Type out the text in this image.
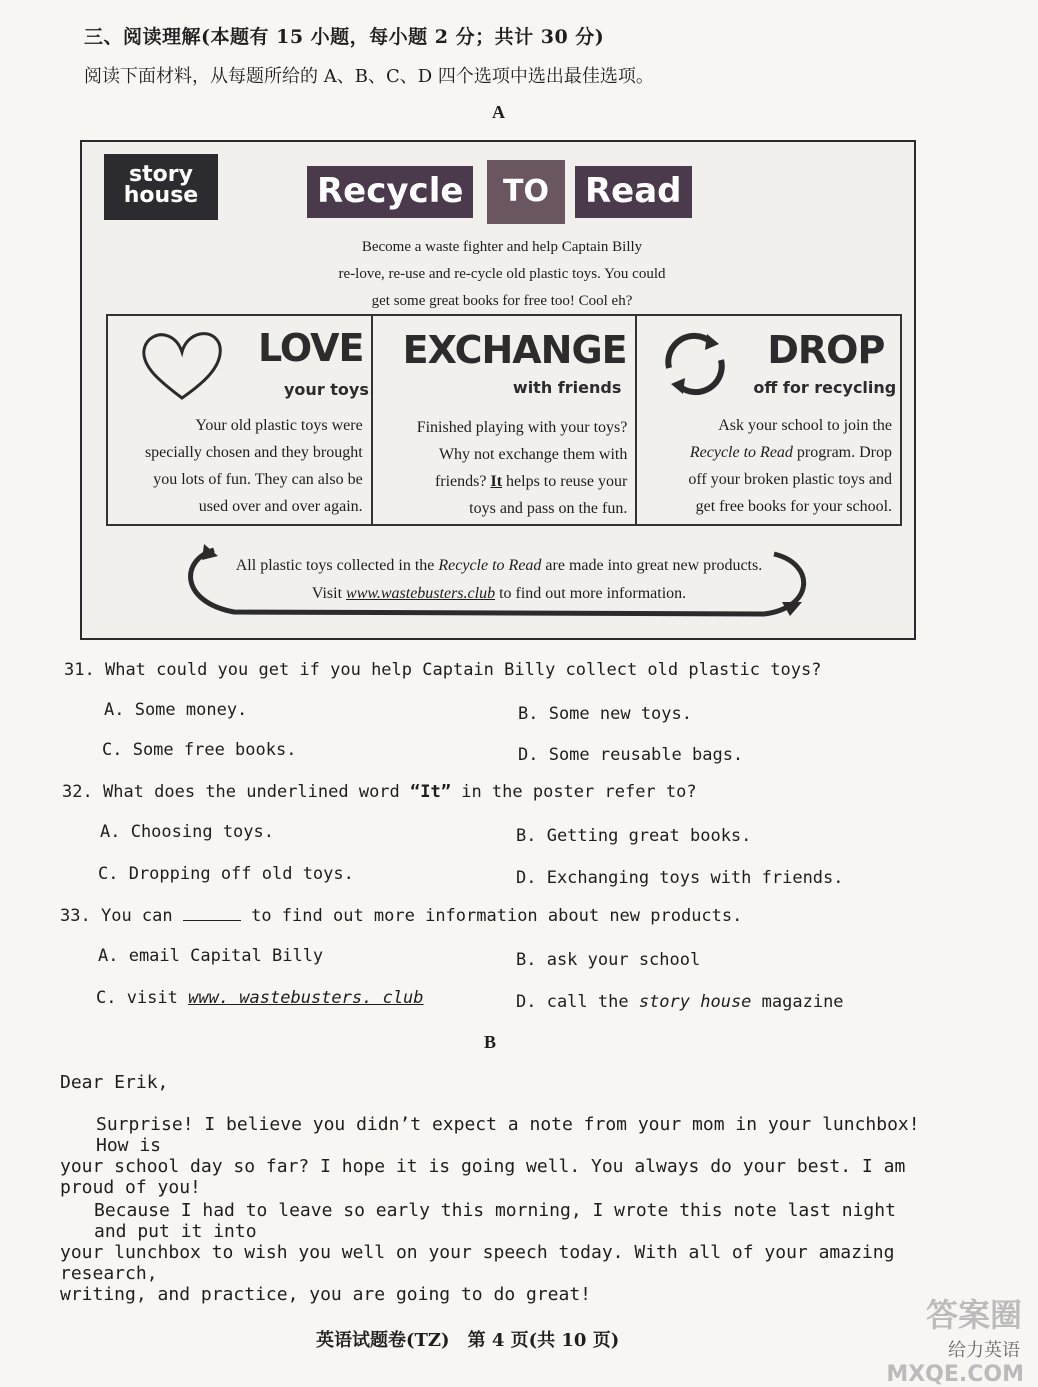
三、阅读理解(本题有 15 小题，每小题 2 分；共计 30 分)
阅读下面材料，从每题所给的 A、B、C、D 四个选项中选出最佳选项。
A
story
house	Recycle	TO	Read
Become a waste fighter and help Captain Billy
re-love, re-use and re-cycle old plastic toys. You could
get some great books for free too! Cool eh?
LOVE
your toys
Your old plastic toys were
specially chosen and they brought
you lots of fun. They can also be
used over and over again.
EXCHANGE
with friends
Finished playing with your toys?
Why not exchange them with
friends? It helps to reuse your
toys and pass on the fun.
DROP
off for recycling
Ask your school to join the
Recycle to Read program. Drop
off your broken plastic toys and
get free books for your school.
All plastic toys collected in the Recycle to Read are made into great new products.
Visit www.wastebusters.club to find out more information.
31. What could you get if you help Captain Billy collect old plastic toys?
A. Some money.	B. Some new toys.
C. Some free books.	D. Some reusable bags.
32. What does the underlined word “It” in the poster refer to?
A. Choosing toys.	B. Getting great books.
C. Dropping off old toys.	D. Exchanging toys with friends.
33. You can	to find out more information about new products.
A. email Capital Billy	B. ask your school
C. visit www. wastebusters. club	D. call the story house magazine
B
Dear Erik,
Surprise! I believe you didn’t expect a note from your mom in your lunchbox! How is
your school day so far? I hope it is going well. You always do your best. I am proud of you!
Because I had to leave so early this morning, I wrote this note last night and put it into
your lunchbox to wish you well on your speech today. With all of your amazing research,
writing, and practice, you are going to do great!
英语试题卷(TZ)　第 4 页(共 10 页)
答案圈
给力英语
MXQE.COM
